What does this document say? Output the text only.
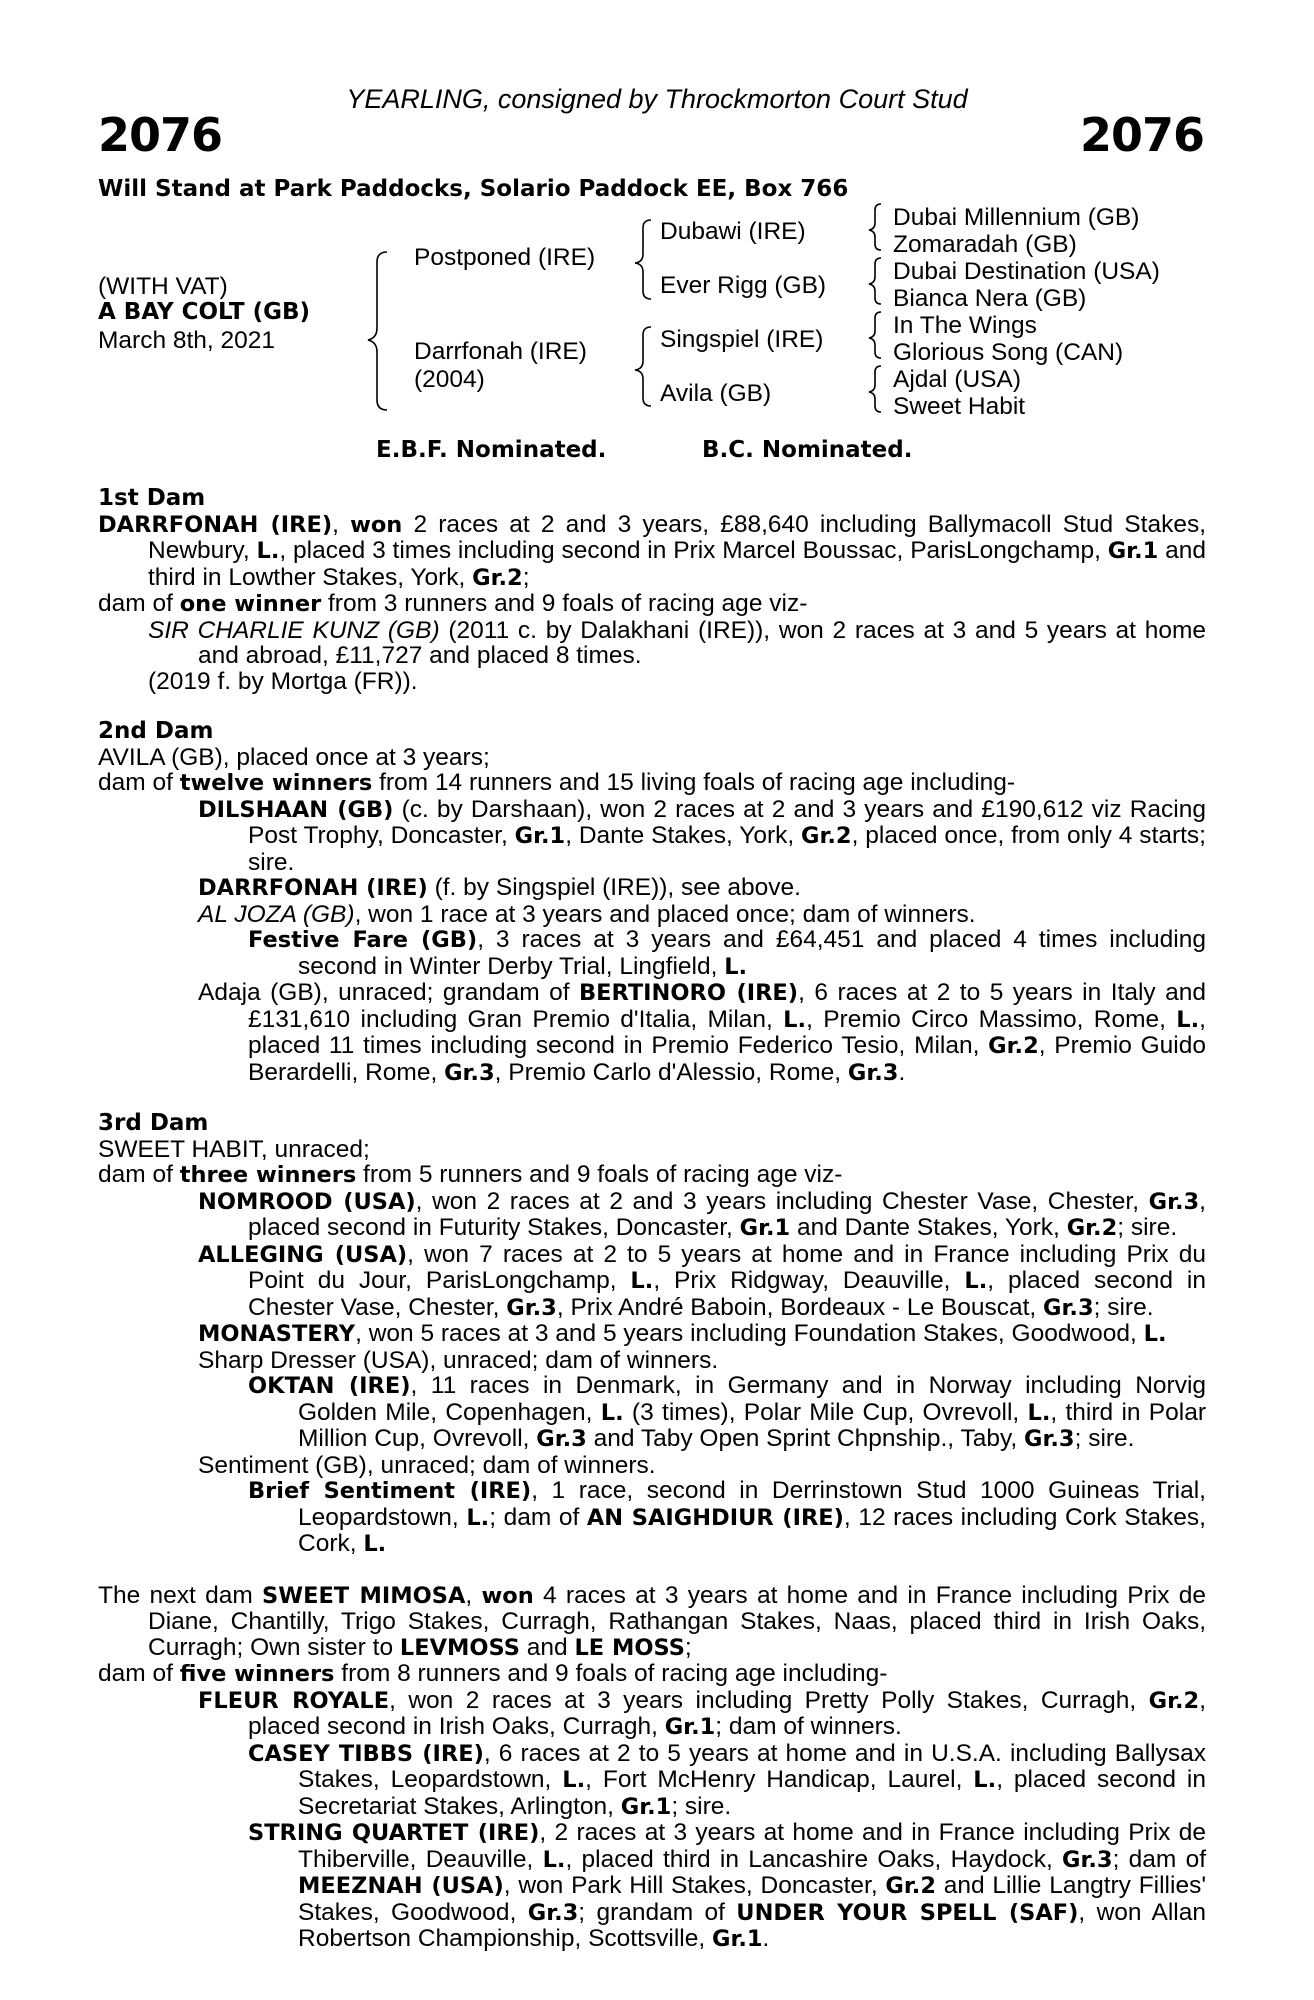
YEARLING, consigned by Throckmorton Court Stud
2076	2076
Will Stand at Park Paddocks, Solario Paddock EE, Box 766
(WITH VAT)
A BAY COLT (GB)
March 8th, 2021
Postponed (IRE)
Darrfonah (IRE)
(2004)
Dubawi (IRE)
Ever Rigg (GB)
Singspiel (IRE)
Avila (GB)
Dubai Millennium (GB)
Zomaradah (GB)
Dubai Destination (USA)
Bianca Nera (GB)
In The Wings
Glorious Song (CAN)
Ajdal (USA)
Sweet Habit
E.B.F. Nominated.	B.C. Nominated.
1st Dam
DARRFONAH (IRE), won 2 races at 2 and 3 years, £88,640 including Ballymacoll Stud Stakes, Newbury, L., placed 3 times including second in Prix Marcel Boussac, ParisLongchamp, Gr.1 and third in Lowther Stakes, York, Gr.2;
dam of one winner from 3 runners and 9 foals of racing age viz-
SIR CHARLIE KUNZ (GB) (2011 c. by Dalakhani (IRE)), won 2 races at 3 and 5 years at home and abroad, £11,727 and placed 8 times.
(2019 f. by Mortga (FR)).
2nd Dam
AVILA (GB), placed once at 3 years;
dam of twelve winners from 14 runners and 15 living foals of racing age including-
DILSHAAN (GB) (c. by Darshaan), won 2 races at 2 and 3 years and £190,612 viz Racing Post Trophy, Doncaster, Gr.1, Dante Stakes, York, Gr.2, placed once, from only 4 starts; sire.
DARRFONAH (IRE) (f. by Singspiel (IRE)), see above.
AL JOZA (GB), won 1 race at 3 years and placed once; dam of winners.
Festive Fare (GB), 3 races at 3 years and £64,451 and placed 4 times including second in Winter Derby Trial, Lingfield, L.
Adaja (GB), unraced; grandam of BERTINORO (IRE), 6 races at 2 to 5 years in Italy and £131,610 including Gran Premio d'Italia, Milan, L., Premio Circo Massimo, Rome, L., placed 11 times including second in Premio Federico Tesio, Milan, Gr.2, Premio Guido Berardelli, Rome, Gr.3, Premio Carlo d'Alessio, Rome, Gr.3.
3rd Dam
SWEET HABIT, unraced;
dam of three winners from 5 runners and 9 foals of racing age viz-
NOMROOD (USA), won 2 races at 2 and 3 years including Chester Vase, Chester, Gr.3, placed second in Futurity Stakes, Doncaster, Gr.1 and Dante Stakes, York, Gr.2; sire.
ALLEGING (USA), won 7 races at 2 to 5 years at home and in France including Prix du Point du Jour, ParisLongchamp, L., Prix Ridgway, Deauville, L., placed second in Chester Vase, Chester, Gr.3, Prix André Baboin, Bordeaux - Le Bouscat, Gr.3; sire.
MONASTERY, won 5 races at 3 and 5 years including Foundation Stakes, Goodwood, L.
Sharp Dresser (USA), unraced; dam of winners.
OKTAN (IRE), 11 races in Denmark, in Germany and in Norway including Norvig Golden Mile, Copenhagen, L. (3 times), Polar Mile Cup, Ovrevoll, L., third in Polar Million Cup, Ovrevoll, Gr.3 and Taby Open Sprint Chpnship., Taby, Gr.3; sire.
Sentiment (GB), unraced; dam of winners.
Brief Sentiment (IRE), 1 race, second in Derrinstown Stud 1000 Guineas Trial, Leopardstown, L.; dam of AN SAIGHDIUR (IRE), 12 races including Cork Stakes, Cork, L.
The next dam SWEET MIMOSA, won 4 races at 3 years at home and in France including Prix de Diane, Chantilly, Trigo Stakes, Curragh, Rathangan Stakes, Naas, placed third in Irish Oaks, Curragh; Own sister to LEVMOSS and LE MOSS;
dam of five winners from 8 runners and 9 foals of racing age including-
FLEUR ROYALE, won 2 races at 3 years including Pretty Polly Stakes, Curragh, Gr.2, placed second in Irish Oaks, Curragh, Gr.1; dam of winners.
CASEY TIBBS (IRE), 6 races at 2 to 5 years at home and in U.S.A. including Ballysax Stakes, Leopardstown, L., Fort McHenry Handicap, Laurel, L., placed second in Secretariat Stakes, Arlington, Gr.1; sire.
STRING QUARTET (IRE), 2 races at 3 years at home and in France including Prix de Thiberville, Deauville, L., placed third in Lancashire Oaks, Haydock, Gr.3; dam of MEEZNAH (USA), won Park Hill Stakes, Doncaster, Gr.2 and Lillie Langtry Fillies' Stakes, Goodwood, Gr.3; grandam of UNDER YOUR SPELL (SAF), won Allan Robertson Championship, Scottsville, Gr.1.
